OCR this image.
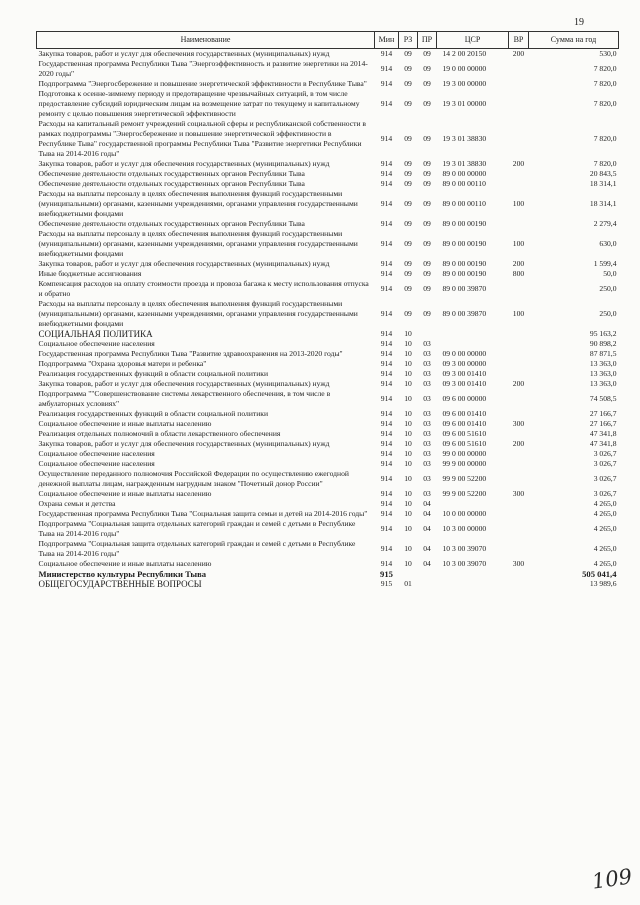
19
Наименование	Мин	РЗ	ПР	ЦСР	ВР	Сумма на год
Закупка товаров, работ и услуг для обеспечения государственных (муниципальных) нужд	914	09	09	14 2 00 20150	200	530,0
Государственная программа Республики Тыва "Энергоэффективность и развитие энергетики на 2014-2020 годы"	914	09	09	19 0 00 00000		7 820,0
Подпрограмма "Энергосбережение и повышение энергетической эффективности в Республике Тыва"	914	09	09	19 3 00 00000		7 820,0
Подготовка к осенне-зимнему периоду и предотвращение чрезвычайных ситуаций, в том числе предоставление субсидий юридическим лицам на возмещение затрат по текущему и капитальному ремонту с целью повышения энергетической эффективности	914	09	09	19 3 01 00000		7 820,0
Расходы на капитальный ремонт учреждений социальной сферы и республиканской собственности в рамках подпрограммы "Энергосбережение и повышение энергетической эффективности в Республике Тыва" государственной программы Республики Тыва "Развитие энергетики Республики Тыва на 2014-2016 годы"	914	09	09	19 3 01 38830		7 820,0
Закупка товаров, работ и услуг для обеспечения государственных (муниципальных) нужд	914	09	09	19 3 01 38830	200	7 820,0
Обеспечение деятельности отдельных государственных органов Республики Тыва	914	09	09	89 0 00 00000		20 843,5
Обеспечение деятельности отдельных государственных органов Республики Тыва	914	09	09	89 0 00 00110		18 314,1
Расходы на выплаты персоналу в целях обеспечения выполнения функций государственными (муниципальными) органами, казенными учреждениями, органами управления государственными внебюджетными фондами	914	09	09	89 0 00 00110	100	18 314,1
Обеспечение деятельности отдельных государственных органов Республики Тыва	914	09	09	89 0 00 00190		2 279,4
Расходы на выплаты персоналу в целях обеспечения выполнения функций государственными (муниципальными) органами, казенными учреждениями, органами управления государственными внебюджетными фондами	914	09	09	89 0 00 00190	100	630,0
Закупка товаров, работ и услуг для обеспечения государственных (муниципальных) нужд	914	09	09	89 0 00 00190	200	1 599,4
Иные бюджетные ассигнования	914	09	09	89 0 00 00190	800	50,0
Компенсация расходов на оплату стоимости проезда и провоза багажа к месту использования отпуска и обратно	914	09	09	89 0 00 39870		250,0
Расходы на выплаты персоналу в целях обеспечения выполнения функций государственными (муниципальными) органами, казенными учреждениями, органами управления государственными внебюджетными фондами	914	09	09	89 0 00 39870	100	250,0
СОЦИАЛЬНАЯ ПОЛИТИКА	914	10				95 163,2
Социальное обеспечение населения	914	10	03			90 898,2
Государственная программа Республики Тыва "Развитие здравоохранения на 2013-2020 годы"	914	10	03	09 0 00 00000		87 871,5
Подпрограмма "Охрана здоровья матери и ребенка"	914	10	03	09 3 00 00000		13 363,0
Реализация государственных функций в области социальной политики	914	10	03	09 3 00 01410		13 363,0
Закупка товаров, работ и услуг для обеспечения государственных (муниципальных) нужд	914	10	03	09 3 00 01410	200	13 363,0
Подпрограмма ""Совершенствование системы лекарственного обеспечения, в том числе в амбулаторных условиях"	914	10	03	09 6 00 00000		74 508,5
Реализация государственных функций в области социальной политики	914	10	03	09 6 00 01410		27 166,7
Социальное обеспечение и иные выплаты населению	914	10	03	09 6 00 01410	300	27 166,7
Реализация отдельных полномочий в области лекарственного обеспечения	914	10	03	09 6 00 51610		47 341,8
Закупка товаров, работ и услуг для обеспечения государственных (муниципальных) нужд	914	10	03	09 6 00 51610	200	47 341,8
Социальное обеспечение населения	914	10	03	99 0 00 00000		3 026,7
Социальное обеспечение населения	914	10	03	99 9 00 00000		3 026,7
Осуществление переданного полномочия Российской Федерации по осуществлению ежегодной денежной выплаты лицам, награжденным нагрудным знаком "Почетный донор России"	914	10	03	99 9 00 52200		3 026,7
Социальное обеспечение и иные выплаты населению	914	10	03	99 9 00 52200	300	3 026,7
Охрана семьи и детства	914	10	04			4 265,0
Государственная программа Республики Тыва "Социальная защита семьи и детей на 2014-2016 годы"	914	10	04	10 0 00 00000		4 265,0
Подпрограмма "Социальная защита отдельных категорий граждан и семей с детьми в Республике Тыва на 2014-2016 годы"	914	10	04	10 3 00 00000		4 265,0
Подпрограмма "Социальная защита отдельных категорий граждан и семей с детьми в Республике Тыва на 2014-2016 годы"	914	10	04	10 3 00 39070		4 265,0
Социальное обеспечение и иные выплаты населению	914	10	04	10 3 00 39070	300	4 265,0
Министерство культуры Республики Тыва	915					505 041,4
ОБЩЕГОСУДАРСТВЕННЫЕ ВОПРОСЫ	915	01				13 989,6
109
